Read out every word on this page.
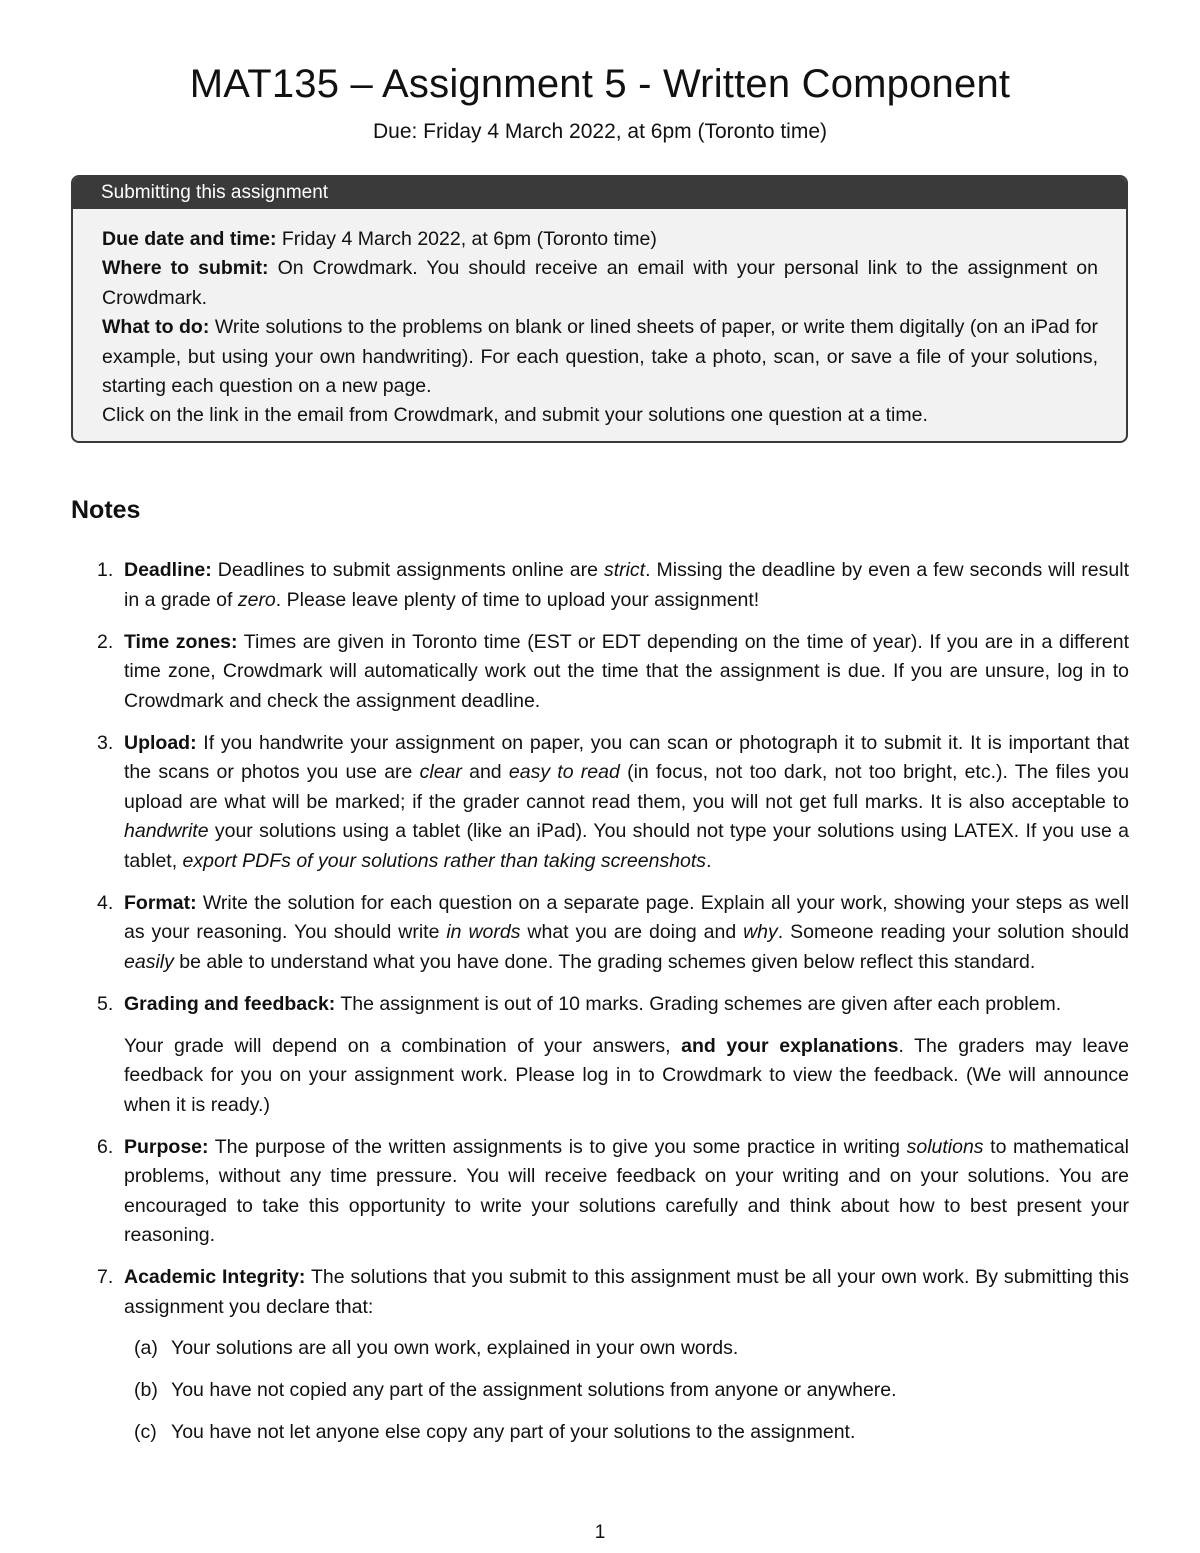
MAT135 – Assignment 5 - Written Component
Due: Friday 4 March 2022, at 6pm (Toronto time)
Submitting this assignment

Due date and time: Friday 4 March 2022, at 6pm (Toronto time)

Where to submit: On Crowdmark. You should receive an email with your personal link to the assignment on Crowdmark.

What to do: Write solutions to the problems on blank or lined sheets of paper, or write them digitally (on an iPad for example, but using your own handwriting). For each question, take a photo, scan, or save a file of your solutions, starting each question on a new page.

Click on the link in the email from Crowdmark, and submit your solutions one question at a time.

Notes
1. Deadline: Deadlines to submit assignments online are strict. Missing the deadline by even a few seconds will result in a grade of zero. Please leave plenty of time to upload your assignment!

2. Time zones: Times are given in Toronto time (EST or EDT depending on the time of year). If you are in a different time zone, Crowdmark will automatically work out the time that the assignment is due. If you are unsure, log in to Crowdmark and check the assignment deadline.

3. Upload: If you handwrite your assignment on paper, you can scan or photograph it to submit it. It is important that the scans or photos you use are clear and easy to read (in focus, not too dark, not too bright, etc.). The files you upload are what will be marked; if the grader cannot read them, you will not get full marks. It is also acceptable to handwrite your solutions using a tablet (like an iPad). You should not type your solutions using LATEX. If you use a tablet, export PDFs of your solutions rather than taking screenshots.

4. Format: Write the solution for each question on a separate page. Explain all your work, showing your steps as well as your reasoning. You should write in words what you are doing and why. Someone reading your solution should easily be able to understand what you have done. The grading schemes given below reflect this standard.

5. Grading and feedback: The assignment is out of 10 marks. Grading schemes are given after each problem.

Your grade will depend on a combination of your answers, and your explanations. The graders may leave feedback for you on your assignment work. Please log in to Crowdmark to view the feedback. (We will announce when it is ready.)

6. Purpose: The purpose of the written assignments is to give you some practice in writing solutions to mathematical problems, without any time pressure. You will receive feedback on your writing and on your solutions. You are encouraged to take this opportunity to write your solutions carefully and think about how to best present your reasoning.

7. Academic Integrity: The solutions that you submit to this assignment must be all your own work. By submitting this assignment you declare that:

(a) Your solutions are all you own work, explained in your own words.
(b) You have not copied any part of the assignment solutions from anyone or anywhere.
(c) You have not let anyone else copy any part of your solutions to the assignment.
1
